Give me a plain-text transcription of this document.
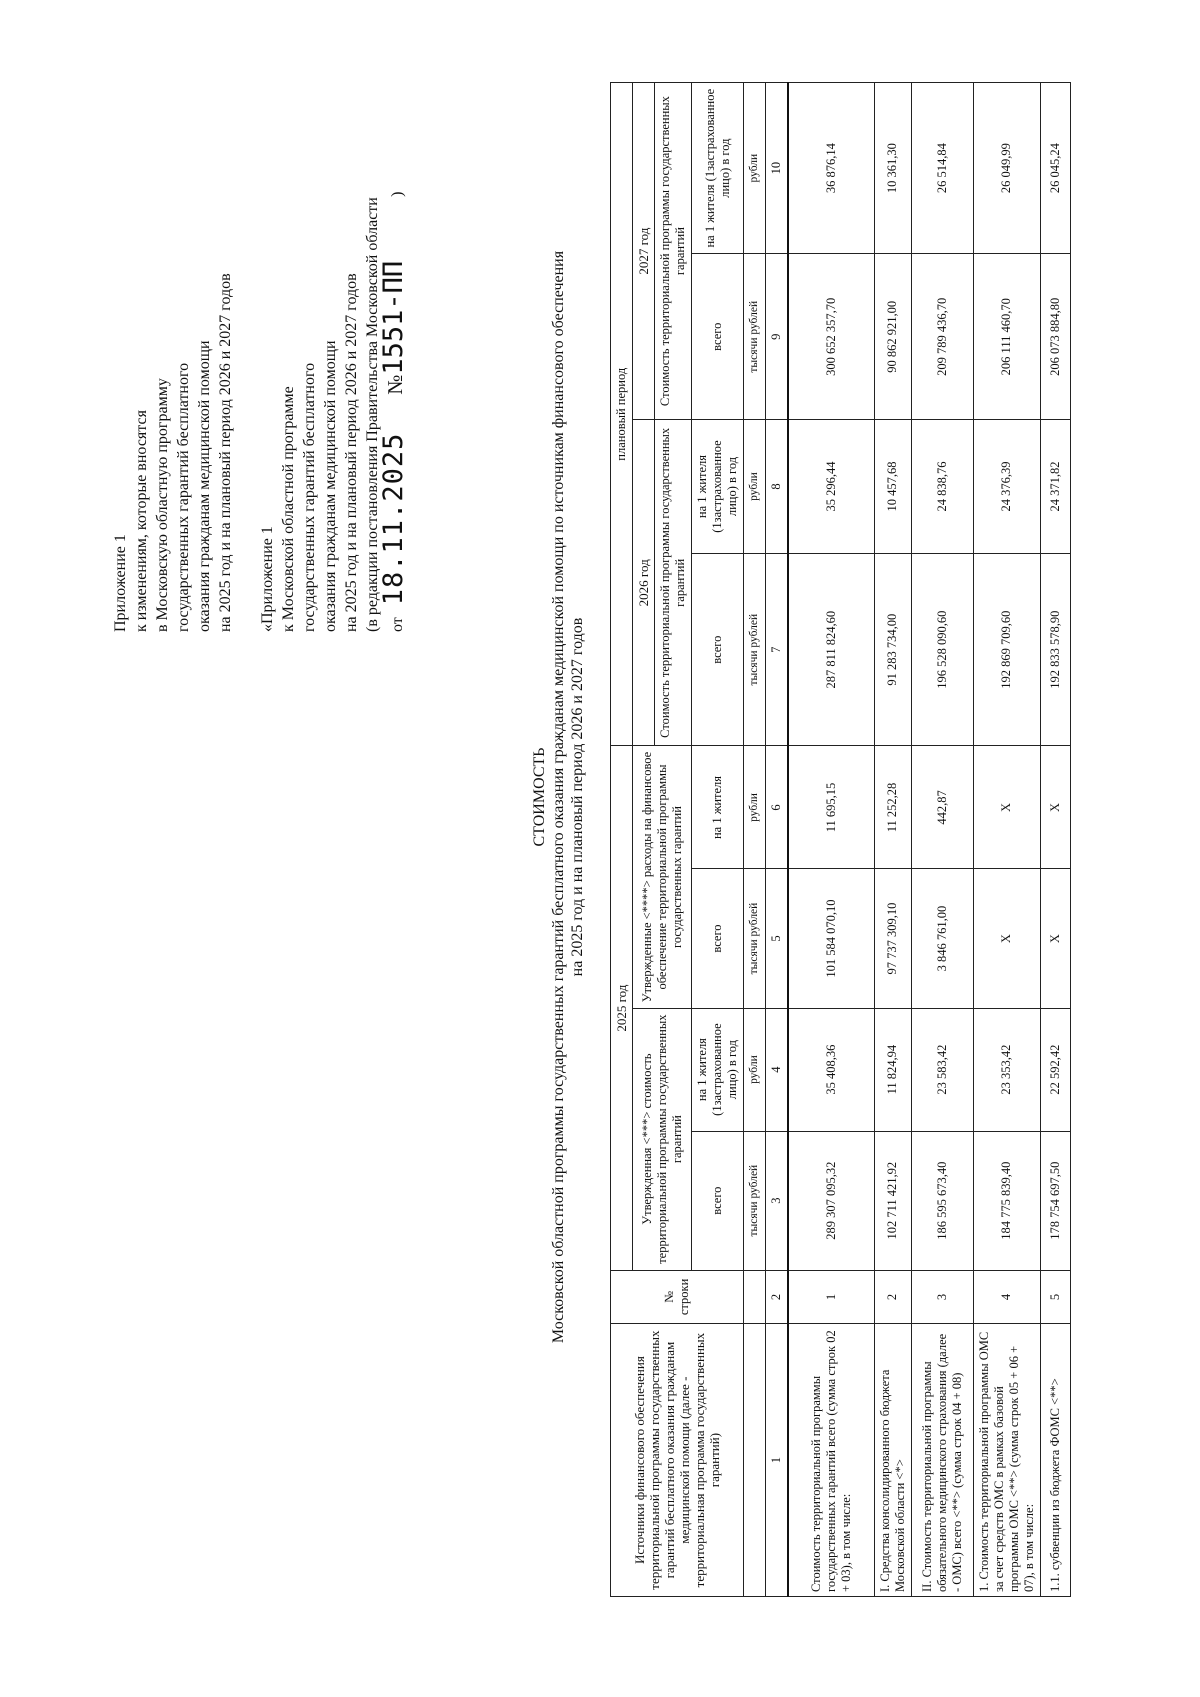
Приложение 1 к изменениям, которые вносятся в Московскую областную программу государственных гарантий бесплатного оказания гражданам медицинской помощи на 2025 год и на плановый период 2026 и 2027 годов «Приложение 1 к Московской областной программе государственных гарантий бесплатного оказания гражданам медицинской помощи на 2025 год и на плановый период 2026 и 2027 годов (в редакции постановления Правительства Московской области от 18.11.2025 №1551-ПП )
СТОИМОСТЬ Московской областной программы государственных гарантий бесплатного оказания гражданам медицинской помощи по источникам финансового обеспечения на 2025 год и на плановый период 2026 и 2027 годов
Источники финансового обеспечения территориальной программы государственных гарантий бесплатного оказания гражданам медицинской помощи (далее - территориальная программа государственных гарантий)	№ строки	2025 год				плановый период			
		Утвержденная <***> стоимость территориальной программы государственных гарантий		Утвержденные <****> расходы на финансовое обеспечение территориальной программы государственных гарантий		2026 год		2027 год	
						Стоимость территориальной программы государственных гарантий		Стоимость территориальной программы государственных гарантий	
		всего	на 1 жителя (1застрахованное лицо) в год	всего	на 1 жителя	всего	на 1 жителя (1застрахованное лицо) в год	всего	на 1 жителя (1застрахованное лицо) в год
		тысячи рублей	рубли	тысячи рублей	рубли	тысячи рублей	рубли	тысячи рублей	рубли
1	2	3	4	5	6	7	8	9	10
Стоимость территориальной программы государственных гарантий всего (сумма строк 02 + 03), в том числе:	1	289 307 095,32	35 408,36	101 584 070,10	11 695,15	287 811 824,60	35 296,44	300 652 357,70	36 876,14
I. Средства консолидированного бюджета Московской области <*>	2	102 711 421,92	11 824,94	97 737 309,10	11 252,28	91 283 734,00	10 457,68	90 862 921,00	10 361,30
II. Стоимость территориальной программы обязательного медицинского страхования (далее - ОМС) всего <**> (сумма строк 04 + 08)	3	186 595 673,40	23 583,42	3 846 761,00	442,87	196 528 090,60	24 838,76	209 789 436,70	26 514,84
1. Стоимость территориальной программы ОМС за счет средств ОМС в рамках базовой программы ОМС <**> (сумма строк 05 + 06 + 07), в том числе:	4	184 775 839,40	23 353,42	X	X	192 869 709,60	24 376,39	206 111 460,70	26 049,99
1.1. субвенции из бюджета ФОМС <**>	5	178 754 697,50	22 592,42	X	X	192 833 578,90	24 371,82	206 073 884,80	26 045,24
